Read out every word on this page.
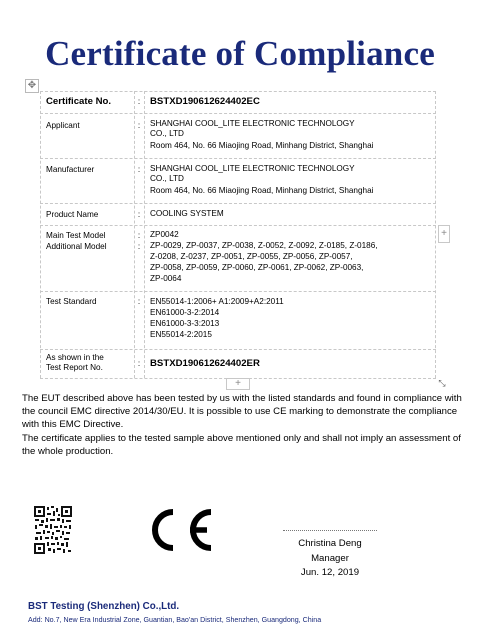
Certificate of Compliance
✥
Certificate No.	: BSTXD190612624402EC
Applicant	:	SHANGHAI COOL_LITE ELECTRONIC TECHNOLOGY
CO., LTD
Room 464, No. 66 Miaojing Road, Minhang District, Shanghai
Manufacturer	:	SHANGHAI COOL_LITE ELECTRONIC TECHNOLOGY
CO., LTD
Room 464, No. 66 Miaojing Road, Minhang District, Shanghai
Product Name	:	COOLING SYSTEM
Main Test Model	:	ZP0042
Additional Model	:	ZP-0029, ZP-0037, ZP-0038, Z-0052, Z-0092, Z-0185, Z-0186,
Z-0208, Z-0237, ZP-0051, ZP-0055, ZP-0056, ZP-0057,
ZP-0058, ZP-0059, ZP-0060, ZP-0061, ZP-0062, ZP-0063,
ZP-0064
Test Standard	:	EN55014-1:2006+ A1:2009+A2:2011
EN61000-3-2:2014
EN61000-3-3:2013
EN55014-2:2015
As shown in the
Test Report No.	: BSTXD190612624402ER
+
+	⤡

The EUT described above has been tested by us with the listed standards and found in compliance with the council EMC directive 2014/30/EU. It is possible to use CE marking to demonstrate the compliance with this EMC Directive.

The certificate applies to the tested sample above mentioned only and shall not imply an assessment of the whole production.

Christina Deng
Manager
Jun. 12, 2019
BST Testing (Shenzhen) Co.,Ltd.
Add: No.7, New Era Industrial Zone, Guantian, Bao'an District, Shenzhen, Guangdong, China
